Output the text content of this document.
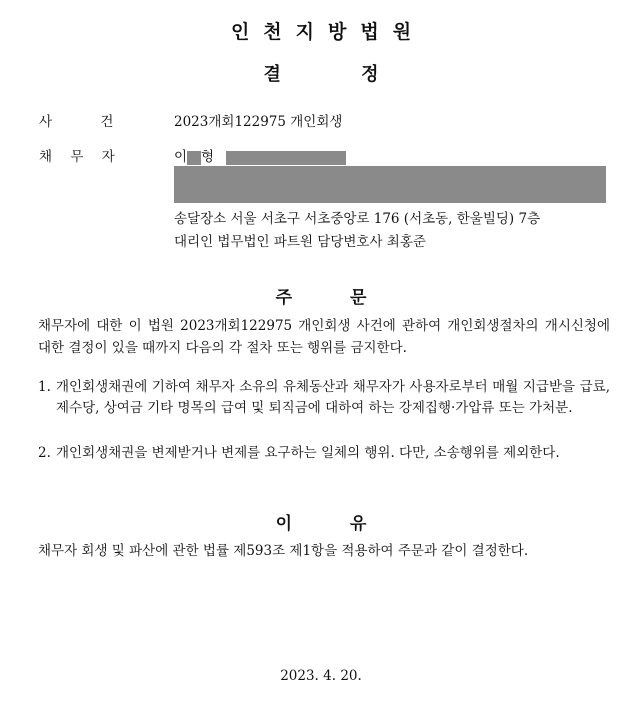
인천지방법원
결 정
사 건	2023개회122975 개인회생
채 무 자	이 형
송달장소 서울 서초구 서초중앙로 176 (서초동, 한울빌딩) 7층
대리인 법무법인 파트원 담당변호사 최홍준
주 문
채무자에 대한 이 법원 2023개회122975 개인회생 사건에 관하여 개인회생절차의 개시신청에 대한 결정이 있을 때까지 다음의 각 절차 또는 행위를 금지한다.
1. 개인회생채권에 기하여 채무자 소유의 유체동산과 채무자가 사용자로부터 매월 지급받을 급료, 제수당, 상여금 기타 명목의 급여 및 퇴직금에 대하여 하는 강제집행·가압류 또는 가처분.
2. 개인회생채권을 변제받거나 변제를 요구하는 일체의 행위. 다만, 소송행위를 제외한다.
이 유
채무자 회생 및 파산에 관한 법률 제593조 제1항을 적용하여 주문과 같이 결정한다.
2023. 4. 20.
